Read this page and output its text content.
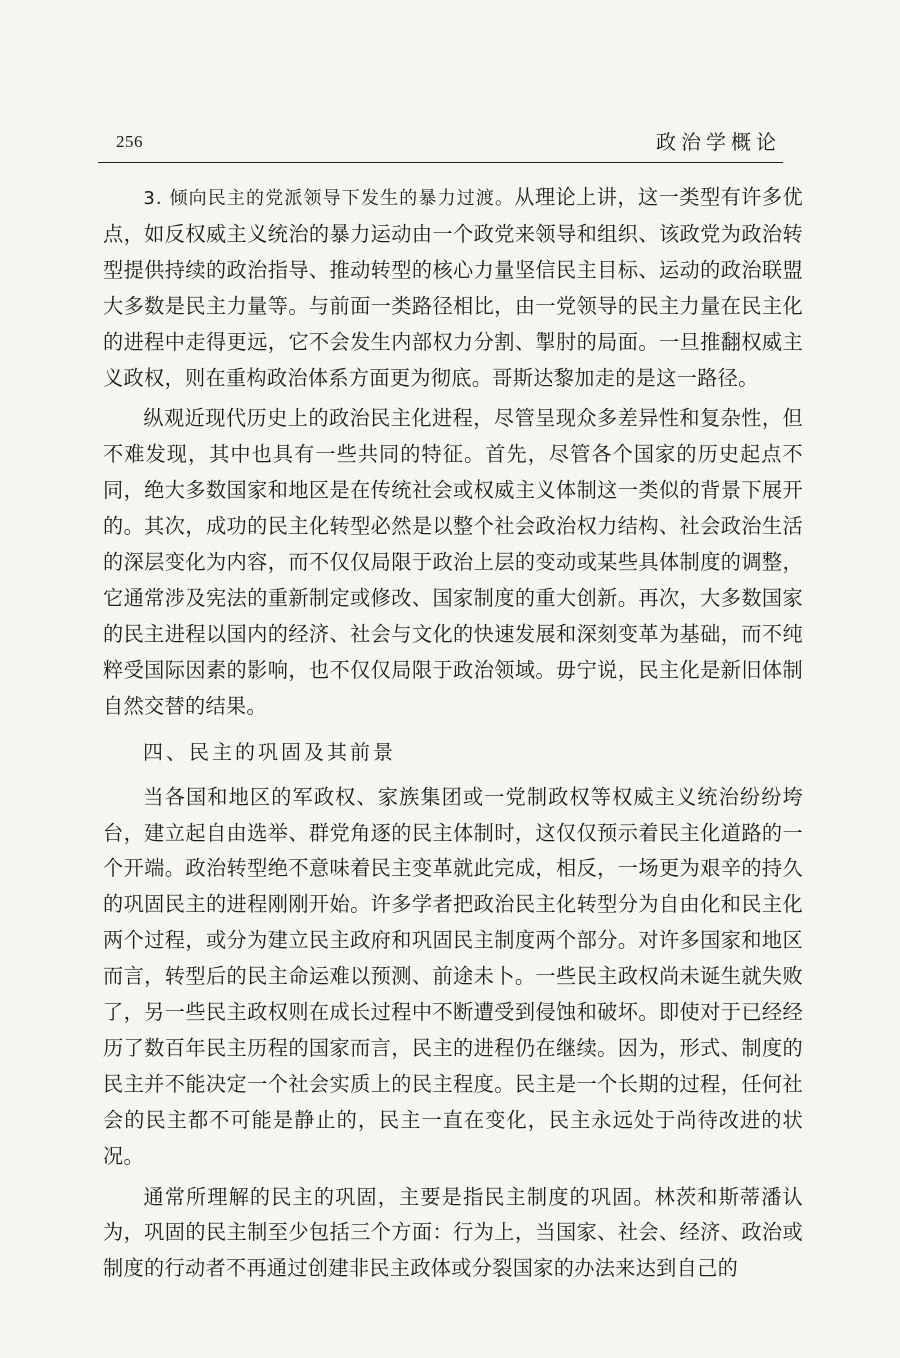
256	政治学概论

3. 倾向民主的党派领导下发生的暴力过渡。从理论上讲，这一类型有许多优点，如反权威主义统治的暴力运动由一个政党来领导和组织、该政党为政治转型提供持续的政治指导、推动转型的核心力量坚信民主目标、运动的政治联盟大多数是民主力量等。与前面一类路径相比，由一党领导的民主力量在民主化的进程中走得更远，它不会发生内部权力分割、掣肘的局面。一旦推翻权威主义政权，则在重构政治体系方面更为彻底。哥斯达黎加走的是这一路径。

纵观近现代历史上的政治民主化进程，尽管呈现众多差异性和复杂性，但不难发现，其中也具有一些共同的特征。首先，尽管各个国家的历史起点不同，绝大多数国家和地区是在传统社会或权威主义体制这一类似的背景下展开的。其次，成功的民主化转型必然是以整个社会政治权力结构、社会政治生活的深层变化为内容，而不仅仅局限于政治上层的变动或某些具体制度的调整，它通常涉及宪法的重新制定或修改、国家制度的重大创新。再次，大多数国家的民主进程以国内的经济、社会与文化的快速发展和深刻变革为基础，而不纯粹受国际因素的影响，也不仅仅局限于政治领域。毋宁说，民主化是新旧体制自然交替的结果。

四、民主的巩固及其前景

当各国和地区的军政权、家族集团或一党制政权等权威主义统治纷纷垮台，建立起自由选举、群党角逐的民主体制时，这仅仅预示着民主化道路的一个开端。政治转型绝不意味着民主变革就此完成，相反，一场更为艰辛的持久的巩固民主的进程刚刚开始。许多学者把政治民主化转型分为自由化和民主化两个过程，或分为建立民主政府和巩固民主制度两个部分。对许多国家和地区而言，转型后的民主命运难以预测、前途未卜。一些民主政权尚未诞生就失败了，另一些民主政权则在成长过程中不断遭受到侵蚀和破坏。即使对于已经经历了数百年民主历程的国家而言，民主的进程仍在继续。因为，形式、制度的民主并不能决定一个社会实质上的民主程度。民主是一个长期的过程，任何社会的民主都不可能是静止的，民主一直在变化，民主永远处于尚待改进的状况。

通常所理解的民主的巩固，主要是指民主制度的巩固。林茨和斯蒂潘认为，巩固的民主制至少包括三个方面：行为上，当国家、社会、经济、政治或制度的行动者不再通过创建非民主政体或分裂国家的办法来达到自己的
